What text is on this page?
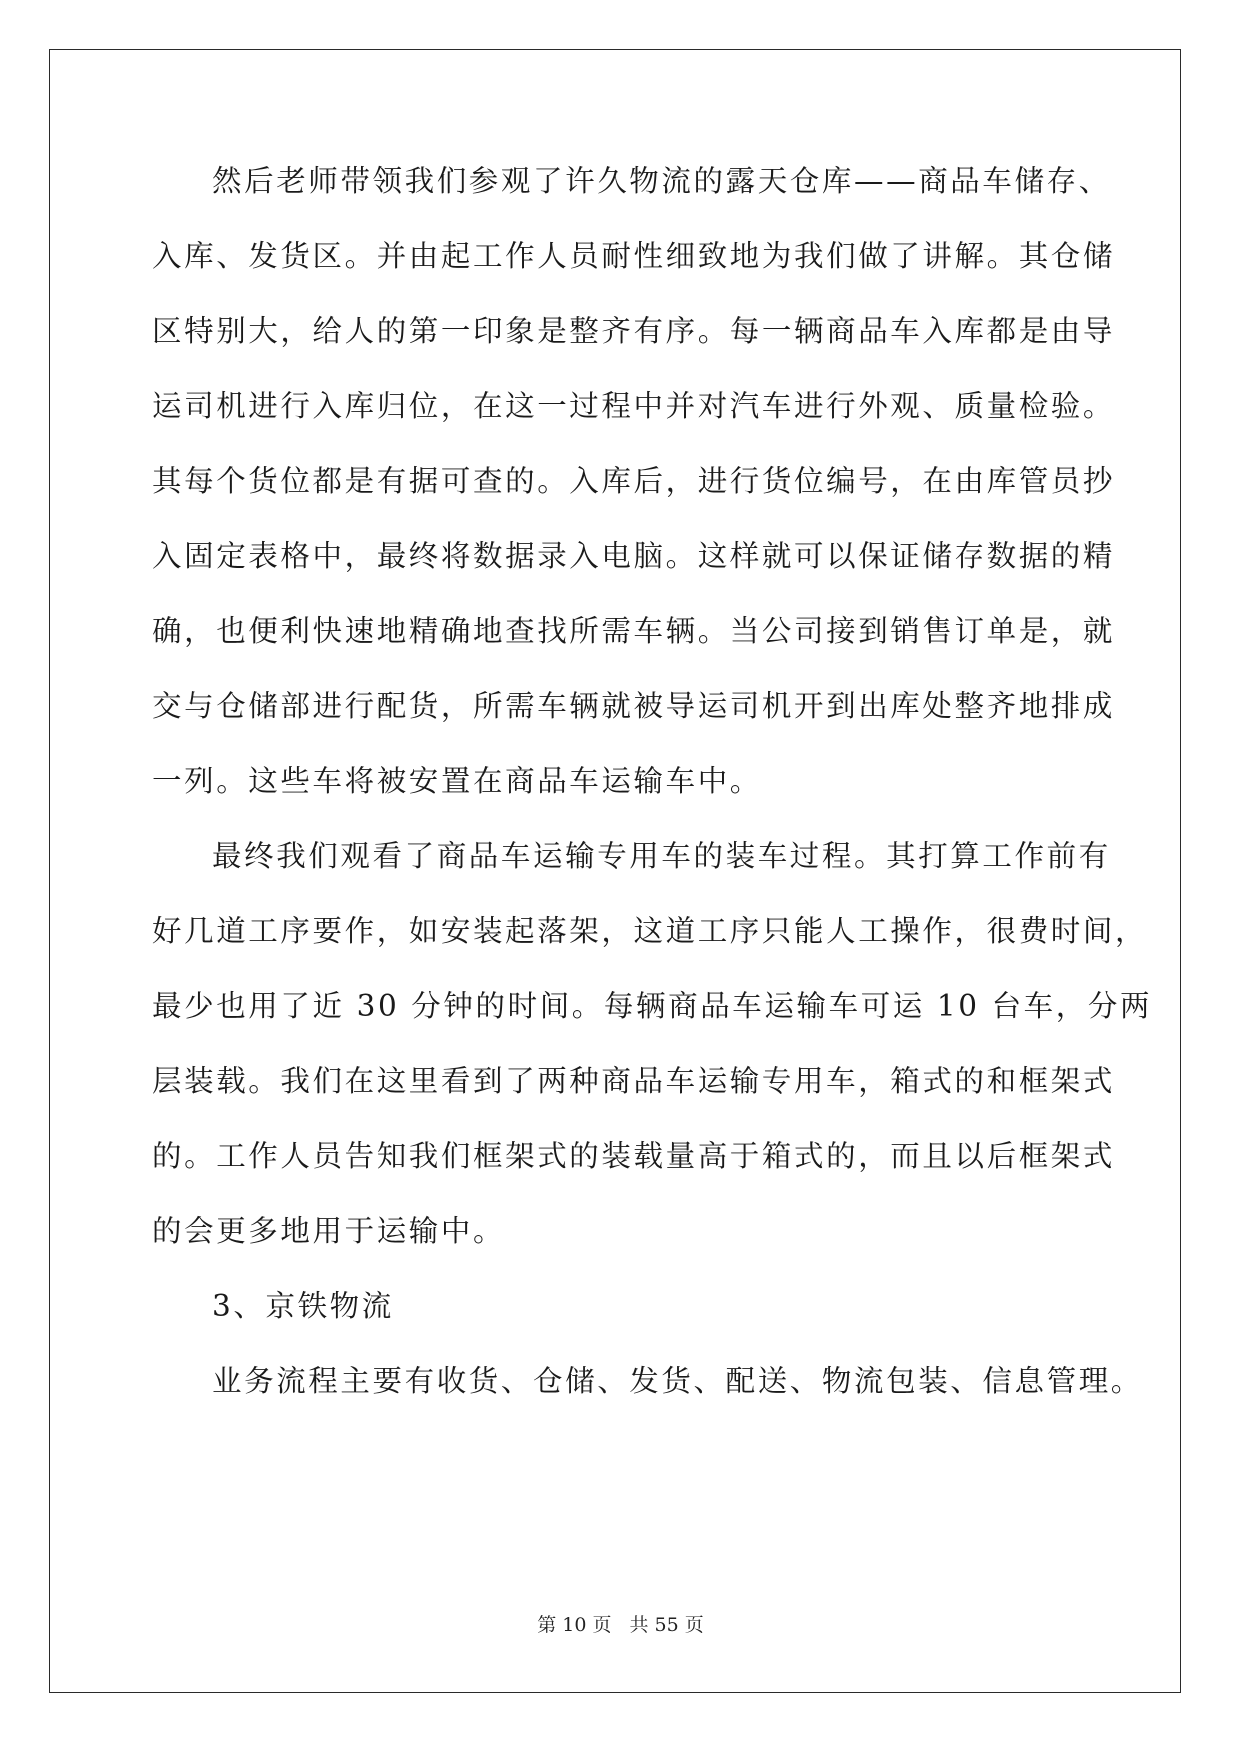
然后老师带领我们参观了许久物流的露天仓库——商品车储存、
入库、发货区。并由起工作人员耐性细致地为我们做了讲解。其仓储
区特别大，给人的第一印象是整齐有序。每一辆商品车入库都是由导
运司机进行入库归位，在这一过程中并对汽车进行外观、质量检验。
其每个货位都是有据可查的。入库后，进行货位编号，在由库管员抄
入固定表格中，最终将数据录入电脑。这样就可以保证储存数据的精
确，也便利快速地精确地查找所需车辆。当公司接到销售订单是，就
交与仓储部进行配货，所需车辆就被导运司机开到出库处整齐地排成
一列。这些车将被安置在商品车运输车中。
最终我们观看了商品车运输专用车的装车过程。其打算工作前有
好几道工序要作，如安装起落架，这道工序只能人工操作，很费时间，
最少也用了近 30 分钟的时间。每辆商品车运输车可运 10 台车，分两
层装载。我们在这里看到了两种商品车运输专用车，箱式的和框架式
的。工作人员告知我们框架式的装载量高于箱式的，而且以后框架式
的会更多地用于运输中。
3、京铁物流
业务流程主要有收货、仓储、发货、配送、物流包装、信息管理。
第 10 页 共 55 页
